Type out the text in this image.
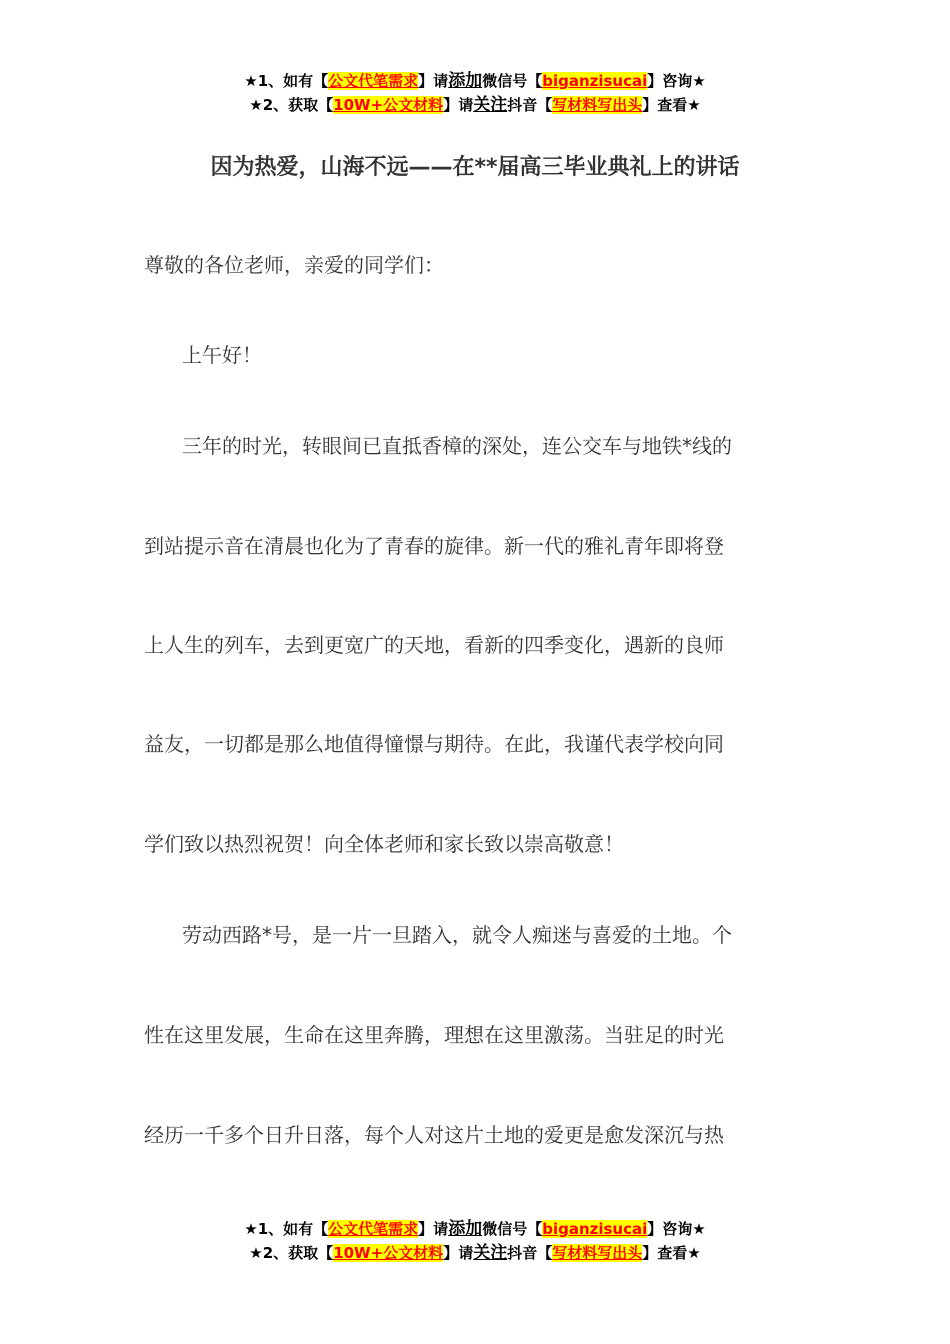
★1、如有【公文代笔需求】请添加微信号【biganzisucai】咨询★
★2、获取【10W+公文材料】请关注抖音【写材料写出头】查看★
因为热爱，山海不远——在**届高三毕业典礼上的讲话
尊敬的各位老师，亲爱的同学们：
上午好！
三年的时光，转眼间已直抵香樟的深处，连公交车与地铁*线的
到站提示音在清晨也化为了青春的旋律。新一代的雅礼青年即将登
上人生的列车，去到更宽广的天地，看新的四季变化，遇新的良师
益友，一切都是那么地值得憧憬与期待。在此，我谨代表学校向同
学们致以热烈祝贺！向全体老师和家长致以崇高敬意！
劳动西路*号，是一片一旦踏入，就令人痴迷与喜爱的土地。个
性在这里发展，生命在这里奔腾，理想在这里激荡。当驻足的时光
经历一千多个日升日落，每个人对这片土地的爱更是愈发深沉与热
★1、如有【公文代笔需求】请添加微信号【biganzisucai】咨询★
★2、获取【10W+公文材料】请关注抖音【写材料写出头】查看★
